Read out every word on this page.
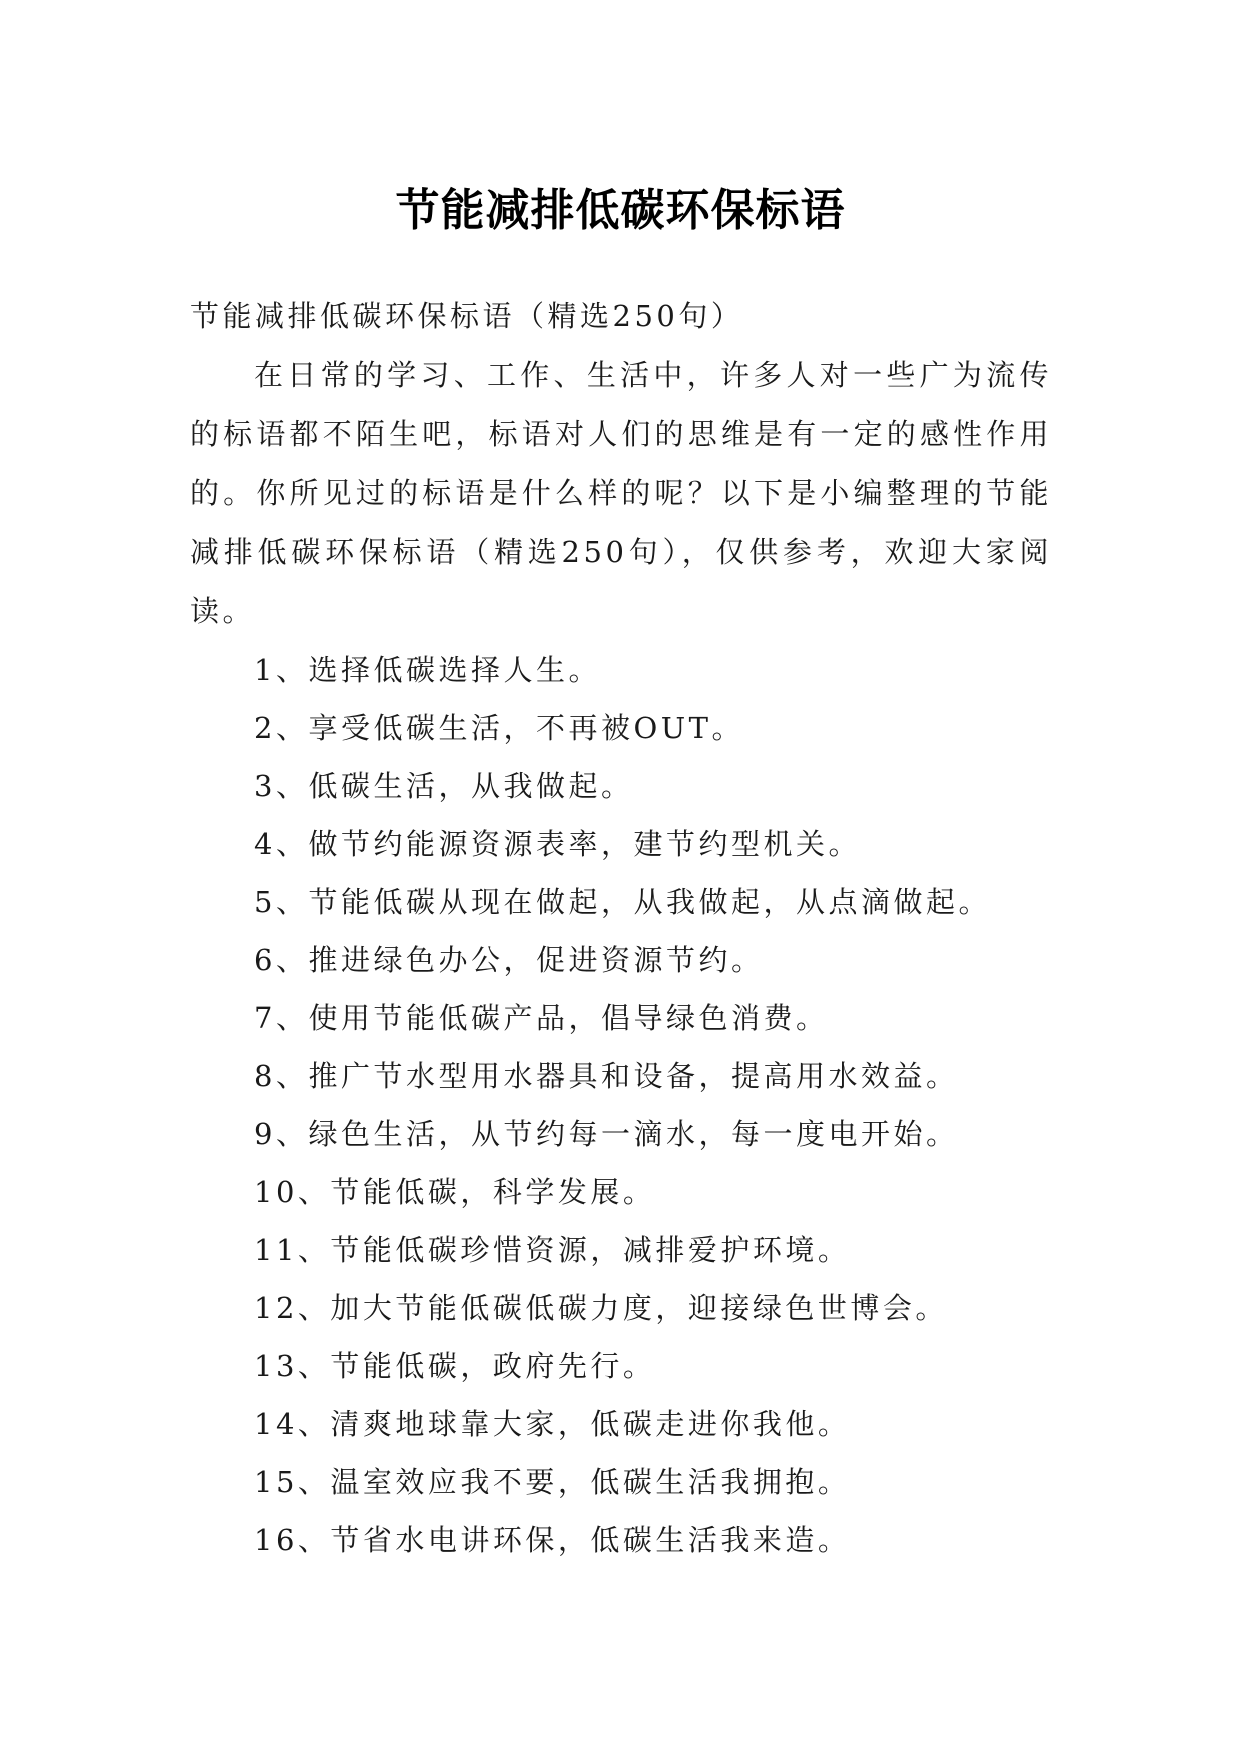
节能减排低碳环保标语

节能减排低碳环保标语（精选250句）

在日常的学习、工作、生活中，许多人对一些广为流传的标语都不陌生吧，标语对人们的思维是有一定的感性作用的。你所见过的标语是什么样的呢？以下是小编整理的节能减排低碳环保标语（精选250句），仅供参考，欢迎大家阅读。

1、选择低碳选择人生。
2、享受低碳生活，不再被OUT。
3、低碳生活，从我做起。
4、做节约能源资源表率，建节约型机关。
5、节能低碳从现在做起，从我做起，从点滴做起。
6、推进绿色办公，促进资源节约。
7、使用节能低碳产品，倡导绿色消费。
8、推广节水型用水器具和设备，提高用水效益。
9、绿色生活，从节约每一滴水，每一度电开始。
10、节能低碳，科学发展。
11、节能低碳珍惜资源，减排爱护环境。
12、加大节能低碳低碳力度，迎接绿色世博会。
13、节能低碳，政府先行。
14、清爽地球靠大家，低碳走进你我他。
15、温室效应我不要，低碳生活我拥抱。
16、节省水电讲环保，低碳生活我来造。
